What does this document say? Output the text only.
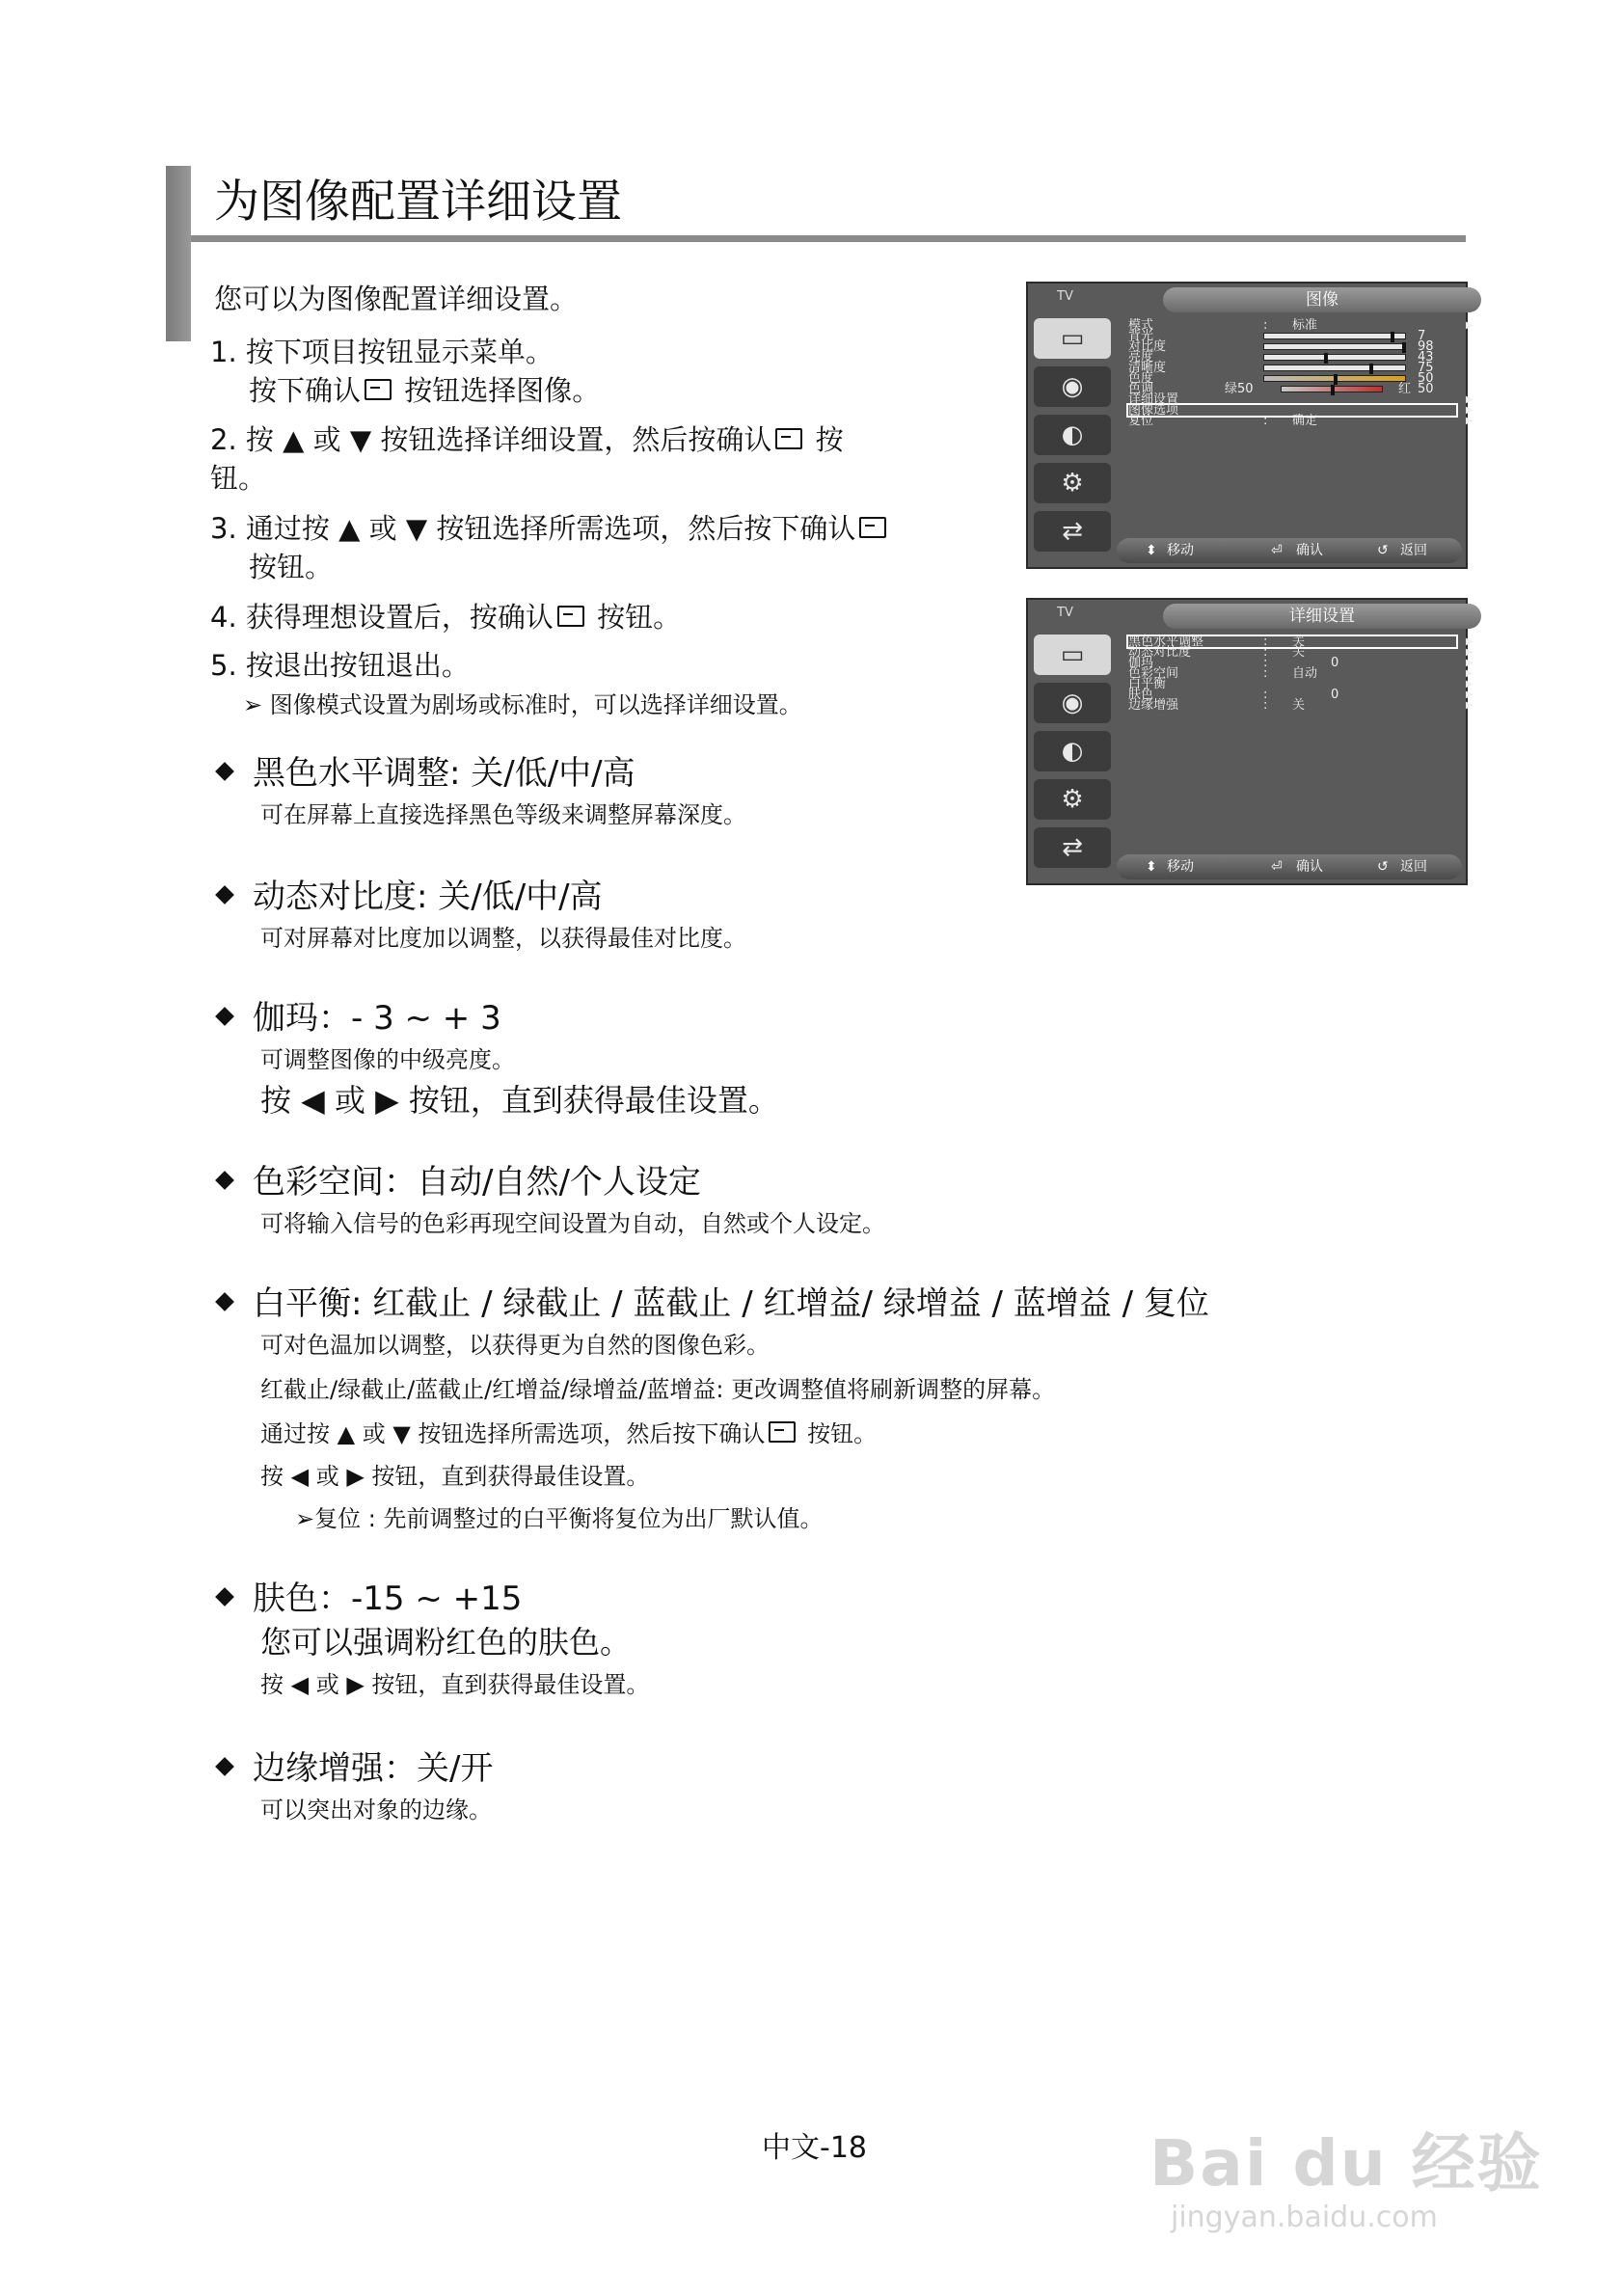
为图像配置详细设置
您可以为图像配置详细设置。
1. 按下项目按钮显示菜单。
按下确认 按钮选择图像。
2. 按 ▲ 或 ▼ 按钮选择详细设置，然后按确认 按
钮。
3. 通过按 ▲ 或 ▼ 按钮选择所需选项，然后按下确认
按钮。
4. 获得理想设置后，按确认 按钮。
5. 按退出按钮退出。
➢ 图像模式设置为剧场或标准时，可以选择详细设置。
黑色水平调整: 关/低/中/高
可在屏幕上直接选择黑色等级来调整屏幕深度。
动态对比度: 关/低/中/高
可对屏幕对比度加以调整，以获得最佳对比度。
伽玛：- 3 ~ + 3
可调整图像的中级亮度。
按 ◀ 或 ▶ 按钮，直到获得最佳设置。
色彩空间：自动/自然/个人设定
可将输入信号的色彩再现空间设置为自动，自然或个人设定。
白平衡: 红截止 / 绿截止 / 蓝截止 / 红增益/ 绿增益 / 蓝增益 / 复位
可对色温加以调整，以获得更为自然的图像色彩。
红截止/绿截止/蓝截止/红增益/绿增益/蓝增益: 更改调整值将刷新调整的屏幕。
通过按 ▲ 或 ▼ 按钮选择所需选项，然后按下确认 按钮。
按 ◀ 或 ▶ 按钮，直到获得最佳设置。
➢复位 : 先前调整过的白平衡将复位为出厂默认值。
肤色：-15 ~ +15
您可以强调粉红色的肤色。
按 ◀ 或 ▶ 按钮，直到获得最佳设置。
边缘增强：关/开
可以突出对象的边缘。
TV	图像
▭
◉
◐
⚙
⇄
模式	: 标准	▶
背光	7
对比度	98
亮度	43
清晰度	75
色度	50
色调	绿50	红 50
详细设置	▶
图像选项	▶
复位	: 确定	▶
⬍ 移动	⏎ 确认	↺ 返回
TV	详细设置
▭
◉
◐
⚙
⇄
黑色水平调整	: 关	▶
动态对比度	: 关	▶
伽玛	:	0	▶
色彩空间	: 自动	▶
白平衡	▶
肤色	:	0	▶
边缘增强	: 关	▶
⬍ 移动	⏎ 确认	↺ 返回
中文-18	Bai du 经验
jingyan.baidu.com
